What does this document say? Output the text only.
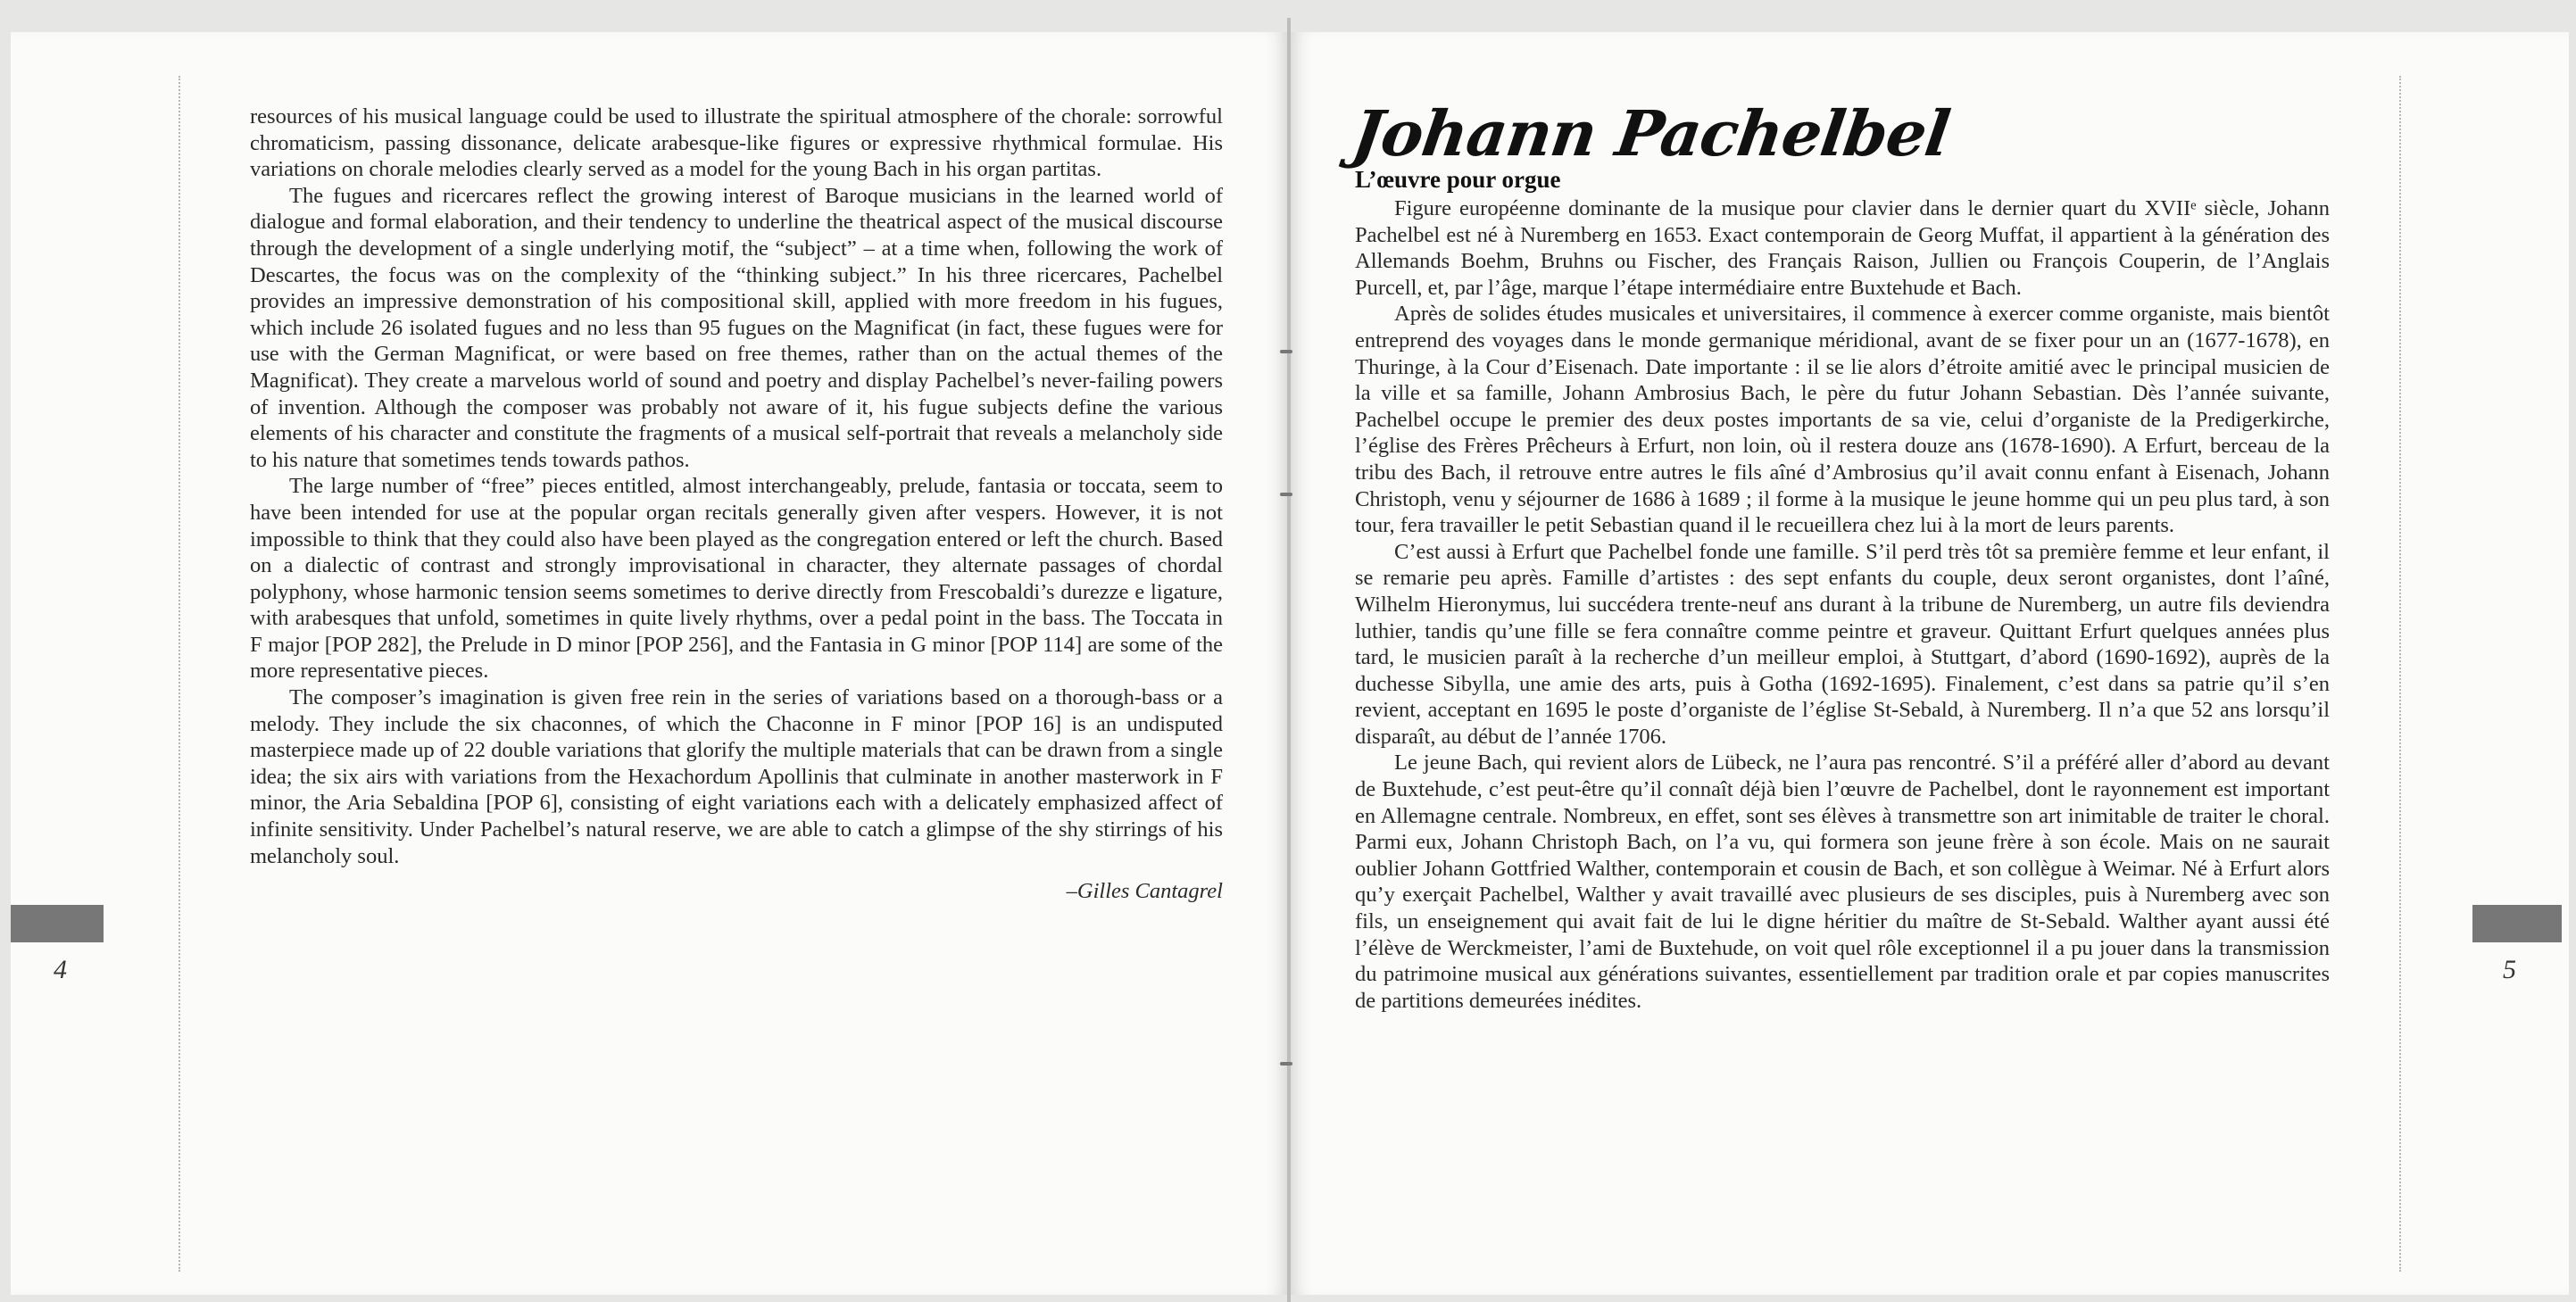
4	5

resources of his musical language could be used to illustrate the spiritual atmosphere of the chorale: sorrowful chromaticism, passing dissonance, delicate arabesque-like figures or expressive rhythmical formulae. His variations on chorale melodies clearly served as a model for the young Bach in his organ partitas.

The fugues and ricercares reflect the growing interest of Baroque musicians in the learned world of dialogue and formal elaboration, and their tendency to underline the theatrical aspect of the musical discourse through the development of a single underlying motif, the “subject” – at a time when, following the work of Descartes, the focus was on the complexity of the “thinking subject.” In his three ricercares, Pachelbel provides an impressive demonstration of his compositional skill, applied with more freedom in his fugues, which include 26 isolated fugues and no less than 95 fugues on the Magnificat (in fact, these fugues were for use with the German Magnificat, or were based on free themes, rather than on the actual themes of the Magnificat). They create a marvelous world of sound and poetry and display Pachelbel’s never-failing powers of invention. Although the composer was probably not aware of it, his fugue subjects define the various elements of his character and constitute the fragments of a musical self-portrait that reveals a melancholy side to his nature that sometimes tends towards pathos.

The large number of “free” pieces entitled, almost interchangeably, prelude, fantasia or toccata, seem to have been intended for use at the popular organ recitals generally given after vespers. However, it is not impossible to think that they could also have been played as the congregation entered or left the church. Based on a dialectic of contrast and strongly improvisational in character, they alternate passages of chordal polyphony, whose harmonic tension seems sometimes to derive directly from Frescobaldi’s durezze e ligature, with arabesques that unfold, sometimes in quite lively rhythms, over a pedal point in the bass. The Toccata in F major [POP 282], the Prelude in D minor [POP 256], and the Fantasia in G minor [POP 114] are some of the more representative pieces.

The composer’s imagination is given free rein in the series of variations based on a thorough-bass or a melody. They include the six chaconnes, of which the Chaconne in F minor [POP 16] is an undisputed masterpiece made up of 22 double variations that glorify the multiple materials that can be drawn from a single idea; the six airs with variations from the Hexachordum Apollinis that culminate in another masterwork in F minor, the Aria Sebaldina [POP 6], consisting of eight variations each with a delicately emphasized affect of infinite sensitivity. Under Pachelbel’s natural reserve, we are able to catch a glimpse of the shy stirrings of his melancholy soul.

–Gilles Cantagrel
Johann Pachelbel
L’œuvre pour orgue

Figure européenne dominante de la musique pour clavier dans le dernier quart du XVIIᵉ siècle, Johann Pachelbel est né à Nuremberg en 1653. Exact contemporain de Georg Muffat, il appartient à la génération des Allemands Boehm, Bruhns ou Fischer, des Français Raison, Jullien ou François Couperin, de l’Anglais Purcell, et, par l’âge, marque l’étape intermédiaire entre Buxtehude et Bach.

Après de solides études musicales et universitaires, il commence à exercer comme organiste, mais bientôt entreprend des voyages dans le monde germanique méridional, avant de se fixer pour un an (1677-1678), en Thuringe, à la Cour d’Eisenach. Date importante : il se lie alors d’étroite amitié avec le principal musicien de la ville et sa famille, Johann Ambrosius Bach, le père du futur Johann Sebastian. Dès l’année suivante, Pachelbel occupe le premier des deux postes importants de sa vie, celui d’organiste de la Predigerkirche, l’église des Frères Prêcheurs à Erfurt, non loin, où il restera douze ans (1678-1690). A Erfurt, berceau de la tribu des Bach, il retrouve entre autres le fils aîné d’Ambrosius qu’il avait connu enfant à Eisenach, Johann Christoph, venu y séjourner de 1686 à 1689 ; il forme à la musique le jeune homme qui un peu plus tard, à son tour, fera travailler le petit Sebastian quand il le recueillera chez lui à la mort de leurs parents.

C’est aussi à Erfurt que Pachelbel fonde une famille. S’il perd très tôt sa première femme et leur enfant, il se remarie peu après. Famille d’artistes : des sept enfants du couple, deux seront organistes, dont l’aîné, Wilhelm Hieronymus, lui succédera trente-neuf ans durant à la tribune de Nuremberg, un autre fils deviendra luthier, tandis qu’une fille se fera connaître comme peintre et graveur. Quittant Erfurt quelques années plus tard, le musicien paraît à la recherche d’un meilleur emploi, à Stuttgart, d’abord (1690-1692), auprès de la duchesse Sibylla, une amie des arts, puis à Gotha (1692-1695). Finalement, c’est dans sa patrie qu’il s’en revient, acceptant en 1695 le poste d’organiste de l’église St-Sebald, à Nuremberg. Il n’a que 52 ans lorsqu’il disparaît, au début de l’année 1706.

Le jeune Bach, qui revient alors de Lübeck, ne l’aura pas rencontré. S’il a préféré aller d’abord au devant de Buxtehude, c’est peut-être qu’il connaît déjà bien l’œuvre de Pachelbel, dont le rayonnement est important en Allemagne centrale. Nombreux, en effet, sont ses élèves à transmettre son art inimitable de traiter le choral. Parmi eux, Johann Christoph Bach, on l’a vu, qui formera son jeune frère à son école. Mais on ne saurait oublier Johann Gottfried Walther, contemporain et cousin de Bach, et son collègue à Weimar. Né à Erfurt alors qu’y exerçait Pachelbel, Walther y avait travaillé avec plusieurs de ses disciples, puis à Nuremberg avec son fils, un enseignement qui avait fait de lui le digne héritier du maître de St-Sebald. Walther ayant aussi été l’élève de Werckmeister, l’ami de Buxtehude, on voit quel rôle exceptionnel il a pu jouer dans la transmission du patrimoine musical aux générations suivantes, essentiellement par tradition orale et par copies manuscrites de partitions demeurées inédites.
